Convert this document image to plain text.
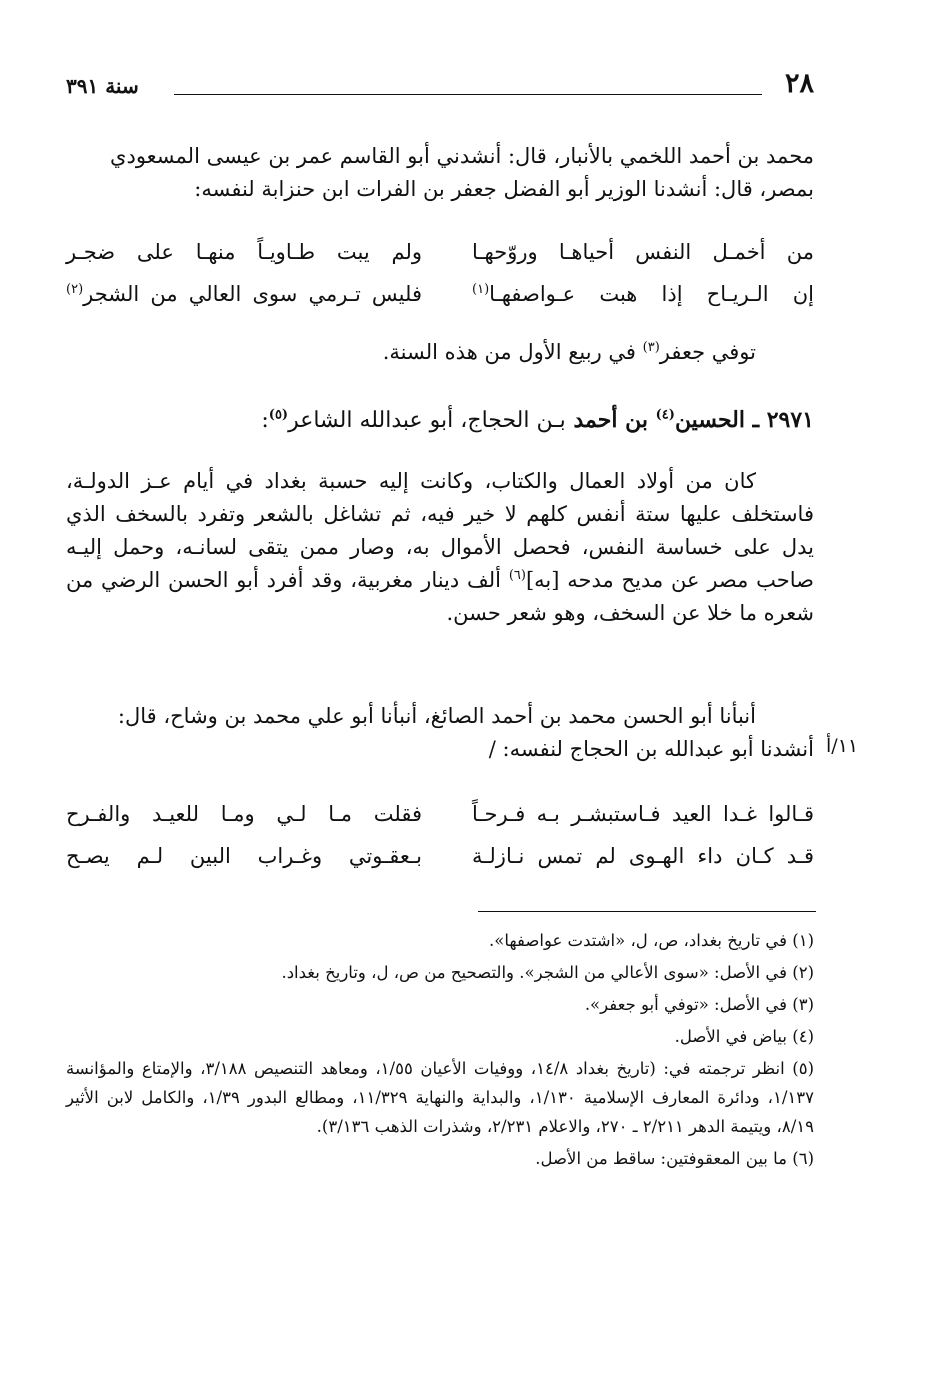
٢٨
سنة ٣٩١

محمد بن أحمد اللخمي بالأنبار، قال: أنشدني أبو القاسم عمر بن عيسى المسعودي

بمصر، قال: أنشدنا الوزير أبو الفضل جعفر بن الفرات ابن حنزابة لنفسه:

من أخمـل النفس أحياهـا وروّحهـا
ولم يبت طـاويـاً منهـا على ضجـر
إن الـريـاح إذا هبت عـواصفهـا$^{(١)}$
فليس تـرمي سوى العالي من الشجر$^{(٢)}$

توفي جعفر$^{(٣)}$ في ربيع الأول من هذه السنة.

٢٩٧١ ـ الحسين$^{(٤)}$ بن أحمد بـن الحجاج، أبو عبدالله الشاعر$^{(٥)}$:

كان من أولاد العمال والكتاب، وكانت إليه حسبة بغداد في أيام عـز الدولـة، فاستخلف عليها ستة أنفس كلهم لا خير فيه، ثم تشاغل بالشعر وتفرد بالسخف الذي يدل على خساسة النفس، فحصل الأموال به، وصار ممن يتقى لسانـه، وحمل إليـه صاحب مصر عن مديح مدحه [به]$^{(٦)}$ ألف دينار مغربية، وقد أفرد أبو الحسن الرضي من شعره ما خلا عن السخف، وهو شعر حسن.

أنبأنا أبو الحسن محمد بن أحمد الصائغ، أنبأنا أبو علي محمد بن وشاح، قال:

أنشدنا أبو عبدالله بن الحجاج لنفسه: / ١١/أ
قـالوا غـدا العيد فـاستبشـر بـه فـرحـاً
فقلت مـا لـي ومـا للعيـد والفـرح
قـد كـان داء الهـوى لم تمس نـازلـة
بـعقـوتي وغـراب البين لـم يصـح

(١) في تاريخ بغداد، ص، ل، «اشتدت عواصفها».

(٢) في الأصل: «سوى الأعالي من الشجر». والتصحيح من ص، ل، وتاريخ بغداد.

(٣) في الأصل: «توفي أبو جعفر».

(٤) بياض في الأصل.

(٥) انظر ترجمته في: (تاريخ بغداد ١٤/٨، ووفيات الأعيان ١/٥٥، ومعاهد التنصيص ٣/١٨٨، والإمتاع والمؤانسة ١/١٣٧، ودائرة المعارف الإسلامية ١/١٣٠، والبداية والنهاية ١١/٣٢٩، ومطالع البدور ١/٣٩، والكامل لابن الأثير ٨/١٩، ويتيمة الدهر ٢/٢١١ ـ ٢٧٠، والاعلام ٢/٢٣١، وشذرات الذهب ٣/١٣٦).

(٦) ما بين المعقوفتين: ساقط من الأصل.
